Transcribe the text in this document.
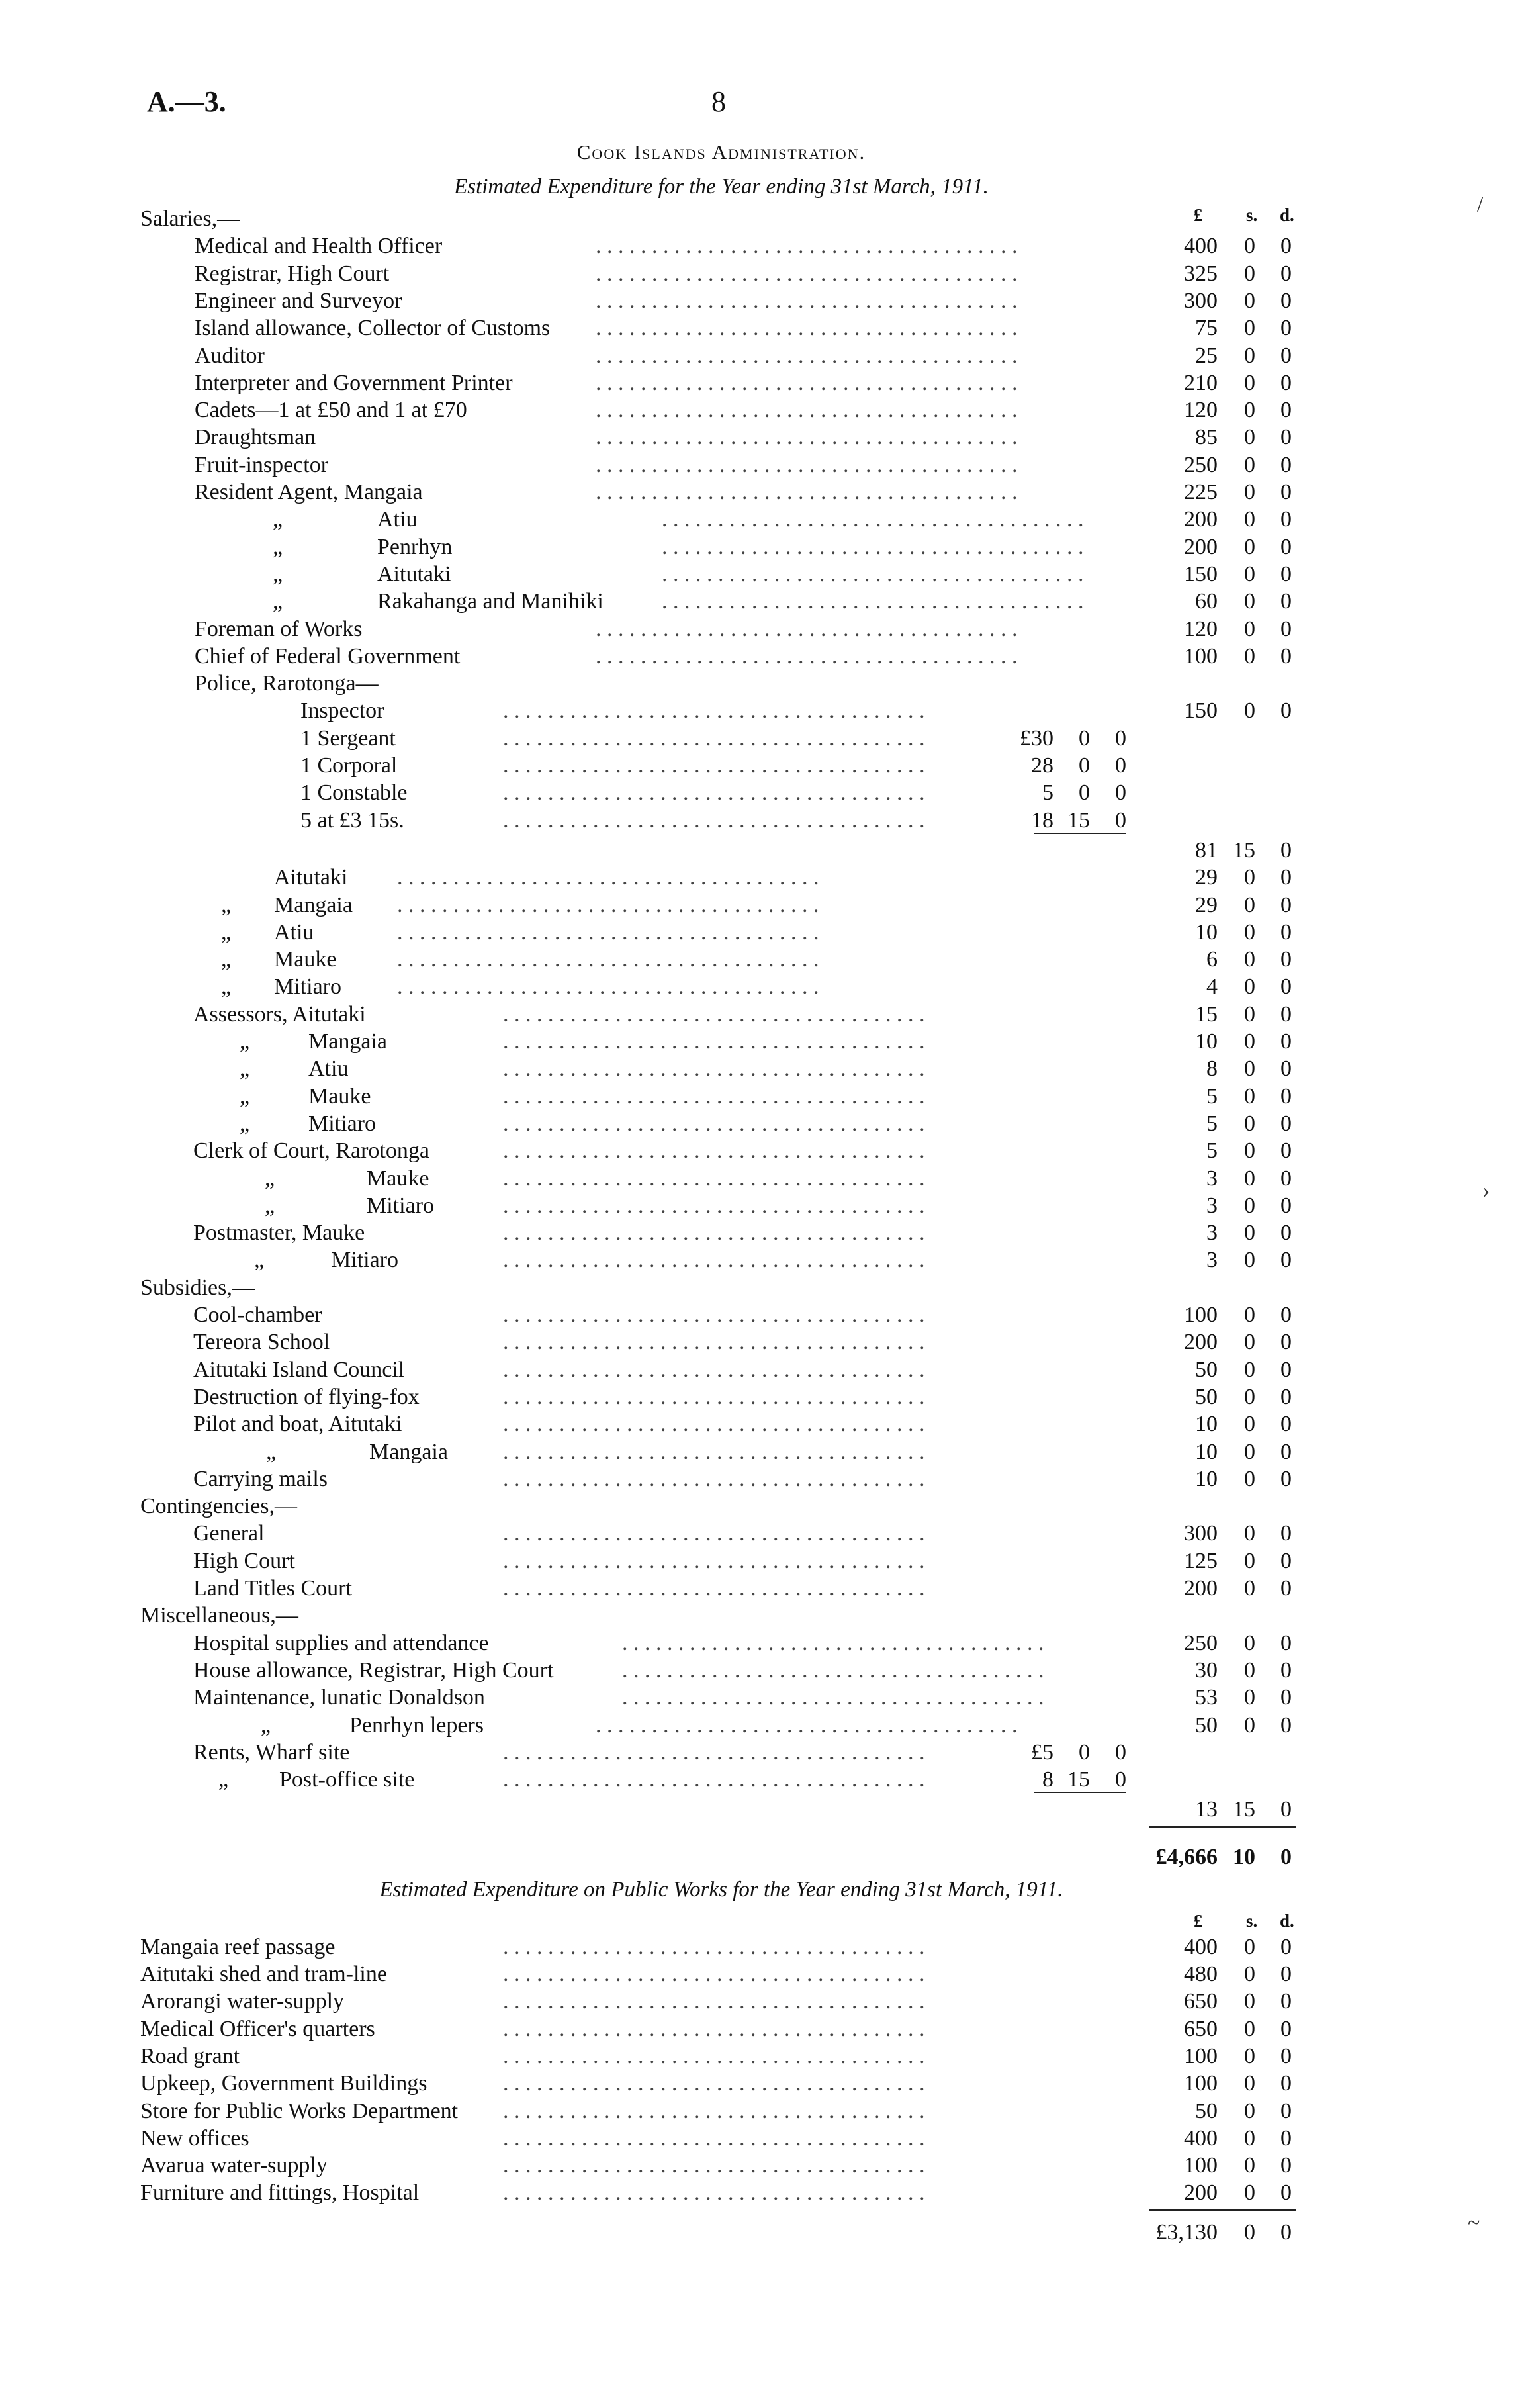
A.—3.	8
Cook Islands Administration.
Estimated Expenditure for the Year ending 31st March, 1911.
£ s. d.
Salaries,—
. . . . . . . . . . . . . . . . . . . . . . . . . . . . . . . . . . . . . .
Medical and Health Officer	400 0 0
. . . . . . . . . . . . . . . . . . . . . . . . . . . . . . . . . . . . . .
Registrar, High Court	325 0 0
. . . . . . . . . . . . . . . . . . . . . . . . . . . . . . . . . . . . . .
Engineer and Surveyor	300 0 0
. . . . . . . . . . . . . . . . . . . . . . . . . . . . . . . . . . . . . .
Island allowance, Collector of Customs	75 0 0
. . . . . . . . . . . . . . . . . . . . . . . . . . . . . . . . . . . . . .
Auditor	25 0 0
. . . . . . . . . . . . . . . . . . . . . . . . . . . . . . . . . . . . . .
Interpreter and Government Printer	210 0 0
. . . . . . . . . . . . . . . . . . . . . . . . . . . . . . . . . . . . . .
Cadets—1 at £50 and 1 at £70	120 0 0
. . . . . . . . . . . . . . . . . . . . . . . . . . . . . . . . . . . . . .
Draughtsman	85 0 0
. . . . . . . . . . . . . . . . . . . . . . . . . . . . . . . . . . . . . .
Fruit-inspector	250 0 0
. . . . . . . . . . . . . . . . . . . . . . . . . . . . . . . . . . . . . .
Resident Agent, Mangaia	225 0 0
. . . . . . . . . . . . . . . . . . . . . . . . . . . . . . . . . . . . . .
„	Atiu	200 0 0
. . . . . . . . . . . . . . . . . . . . . . . . . . . . . . . . . . . . . .
„	Penrhyn	200 0 0
. . . . . . . . . . . . . . . . . . . . . . . . . . . . . . . . . . . . . .
„	Aitutaki	150 0 0
. . . . . . . . . . . . . . . . . . . . . . . . . . . . . . . . . . . . . .
„	Rakahanga and Manihiki	60 0 0
. . . . . . . . . . . . . . . . . . . . . . . . . . . . . . . . . . . . . .
Foreman of Works	120 0 0
. . . . . . . . . . . . . . . . . . . . . . . . . . . . . . . . . . . . . .
Chief of Federal Government	100 0 0
Police, Rarotonga—
. . . . . . . . . . . . . . . . . . . . . . . . . . . . . . . . . . . . . .
Inspector	150 0 0
. . . . . . . . . . . . . . . . . . . . . . . . . . . . . . . . . . . . . .
1 Sergeant	£30 0 0
. . . . . . . . . . . . . . . . . . . . . . . . . . . . . . . . . . . . . .
1 Corporal	28 0 0
. . . . . . . . . . . . . . . . . . . . . . . . . . . . . . . . . . . . . .
1 Constable	5 0 0
. . . . . . . . . . . . . . . . . . . . . . . . . . . . . . . . . . . . . .
5 at £3 15s.	18 15 0
81 15 0
. . . . . . . . . . . . . . . . . . . . . . . . . . . . . . . . . . . . . .
Aitutaki	29 0 0
. . . . . . . . . . . . . . . . . . . . . . . . . . . . . . . . . . . . . .
„ Mangaia	29 0 0
. . . . . . . . . . . . . . . . . . . . . . . . . . . . . . . . . . . . . .
„ Atiu	10 0 0
. . . . . . . . . . . . . . . . . . . . . . . . . . . . . . . . . . . . . .
„ Mauke	6 0 0
. . . . . . . . . . . . . . . . . . . . . . . . . . . . . . . . . . . . . .
„ Mitiaro	4 0 0
. . . . . . . . . . . . . . . . . . . . . . . . . . . . . . . . . . . . . .
Assessors, Aitutaki	15 0 0
. . . . . . . . . . . . . . . . . . . . . . . . . . . . . . . . . . . . . .
„	Mangaia	10 0 0
. . . . . . . . . . . . . . . . . . . . . . . . . . . . . . . . . . . . . .
„	Atiu	8 0 0
. . . . . . . . . . . . . . . . . . . . . . . . . . . . . . . . . . . . . .
„	Mauke	5 0 0
. . . . . . . . . . . . . . . . . . . . . . . . . . . . . . . . . . . . . .
„	Mitiaro	5 0 0
. . . . . . . . . . . . . . . . . . . . . . . . . . . . . . . . . . . . . .
Clerk of Court, Rarotonga	5 0 0
. . . . . . . . . . . . . . . . . . . . . . . . . . . . . . . . . . . . . .
„	Mauke	3 0 0
. . . . . . . . . . . . . . . . . . . . . . . . . . . . . . . . . . . . . .
„	Mitiaro	3 0 0
. . . . . . . . . . . . . . . . . . . . . . . . . . . . . . . . . . . . . .
Postmaster, Mauke	3 0 0
. . . . . . . . . . . . . . . . . . . . . . . . . . . . . . . . . . . . . .
„	Mitiaro	3 0 0
Subsidies,—
. . . . . . . . . . . . . . . . . . . . . . . . . . . . . . . . . . . . . .
Cool-chamber	100 0 0
. . . . . . . . . . . . . . . . . . . . . . . . . . . . . . . . . . . . . .
Tereora School	200 0 0
. . . . . . . . . . . . . . . . . . . . . . . . . . . . . . . . . . . . . .
Aitutaki Island Council	50 0 0
. . . . . . . . . . . . . . . . . . . . . . . . . . . . . . . . . . . . . .
Destruction of flying-fox	50 0 0
. . . . . . . . . . . . . . . . . . . . . . . . . . . . . . . . . . . . . .
Pilot and boat, Aitutaki	10 0 0
. . . . . . . . . . . . . . . . . . . . . . . . . . . . . . . . . . . . . .
„	Mangaia	10 0 0
. . . . . . . . . . . . . . . . . . . . . . . . . . . . . . . . . . . . . .
Carrying mails	10 0 0
Contingencies,—
. . . . . . . . . . . . . . . . . . . . . . . . . . . . . . . . . . . . . .
General	300 0 0
. . . . . . . . . . . . . . . . . . . . . . . . . . . . . . . . . . . . . .
High Court	125 0 0
. . . . . . . . . . . . . . . . . . . . . . . . . . . . . . . . . . . . . .
Land Titles Court	200 0 0
Miscellaneous,—
. . . . . . . . . . . . . . . . . . . . . . . . . . . . . . . . . . . . . .
Hospital supplies and attendance	250 0 0
. . . . . . . . . . . . . . . . . . . . . . . . . . . . . . . . . . . . . .
House allowance, Registrar, High Court	30 0 0
. . . . . . . . . . . . . . . . . . . . . . . . . . . . . . . . . . . . . .
Maintenance, lunatic Donaldson	53 0 0
. . . . . . . . . . . . . . . . . . . . . . . . . . . . . . . . . . . . . .
„	Penrhyn lepers	50 0 0
. . . . . . . . . . . . . . . . . . . . . . . . . . . . . . . . . . . . . .
Rents, Wharf site	£5 0 0
. . . . . . . . . . . . . . . . . . . . . . . . . . . . . . . . . . . . . .
„ Post-office site	8 15 0
13 15 0
£4,666 10 0
Estimated Expenditure on Public Works for the Year ending 31st March, 1911.
£ s. d.
. . . . . . . . . . . . . . . . . . . . . . . . . . . . . . . . . . . . . .
Mangaia reef passage	400 0 0
. . . . . . . . . . . . . . . . . . . . . . . . . . . . . . . . . . . . . .
Aitutaki shed and tram-line	480 0 0
. . . . . . . . . . . . . . . . . . . . . . . . . . . . . . . . . . . . . .
Arorangi water-supply	650 0 0
. . . . . . . . . . . . . . . . . . . . . . . . . . . . . . . . . . . . . .
Medical Officer's quarters	650 0 0
. . . . . . . . . . . . . . . . . . . . . . . . . . . . . . . . . . . . . .
Road grant	100 0 0
. . . . . . . . . . . . . . . . . . . . . . . . . . . . . . . . . . . . . .
Upkeep, Government Buildings	100 0 0
. . . . . . . . . . . . . . . . . . . . . . . . . . . . . . . . . . . . . .
Store for Public Works Department	50 0 0
. . . . . . . . . . . . . . . . . . . . . . . . . . . . . . . . . . . . . .
New offices	400 0 0
. . . . . . . . . . . . . . . . . . . . . . . . . . . . . . . . . . . . . .
Avarua water-supply	100 0 0
. . . . . . . . . . . . . . . . . . . . . . . . . . . . . . . . . . . . . .
Furniture and fittings, Hospital	200 0 0
£3,130 0 0
/
›
~
